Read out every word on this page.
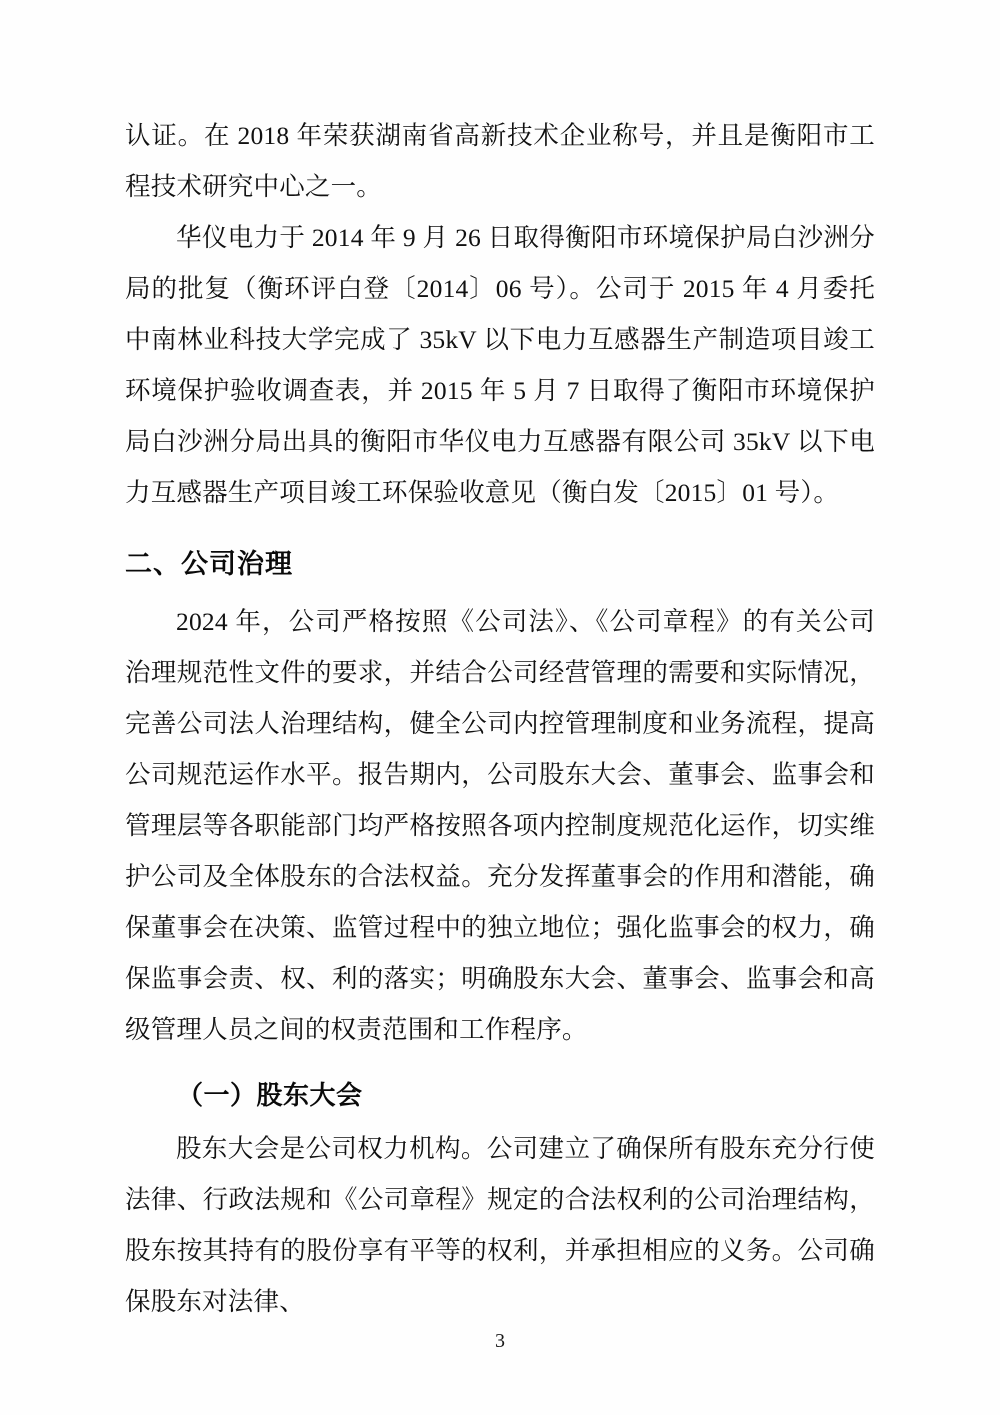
认证。在 2018 年荣获湖南省高新技术企业称号，并且是衡阳市工程技术研究中心之一。

华仪电力于 2014 年 9 月 26 日取得衡阳市环境保护局白沙洲分局的批复（衡环评白登〔2014〕06 号）。公司于 2015 年 4 月委托中南林业科技大学完成了 35kV 以下电力互感器生产制造项目竣工环境保护验收调查表，并 2015 年 5 月 7 日取得了衡阳市环境保护局白沙洲分局出具的衡阳市华仪电力互感器有限公司 35kV 以下电力互感器生产项目竣工环保验收意见（衡白发〔2015〕01 号）。

二、公司治理

2024 年，公司严格按照《公司法》、《公司章程》的有关公司治理规范性文件的要求，并结合公司经营管理的需要和实际情况，完善公司法人治理结构，健全公司内控管理制度和业务流程，提高公司规范运作水平。报告期内，公司股东大会、董事会、监事会和管理层等各职能部门均严格按照各项内控制度规范化运作，切实维护公司及全体股东的合法权益。充分发挥董事会的作用和潜能，确保董事会在决策、监管过程中的独立地位；强化监事会的权力，确保监事会责、权、利的落实；明确股东大会、董事会、监事会和高级管理人员之间的权责范围和工作程序。

（一）股东大会

股东大会是公司权力机构。公司建立了确保所有股东充分行使法律、行政法规和《公司章程》规定的合法权利的公司治理结构，股东按其持有的股份享有平等的权利，并承担相应的义务。公司确保股东对法律、

3
